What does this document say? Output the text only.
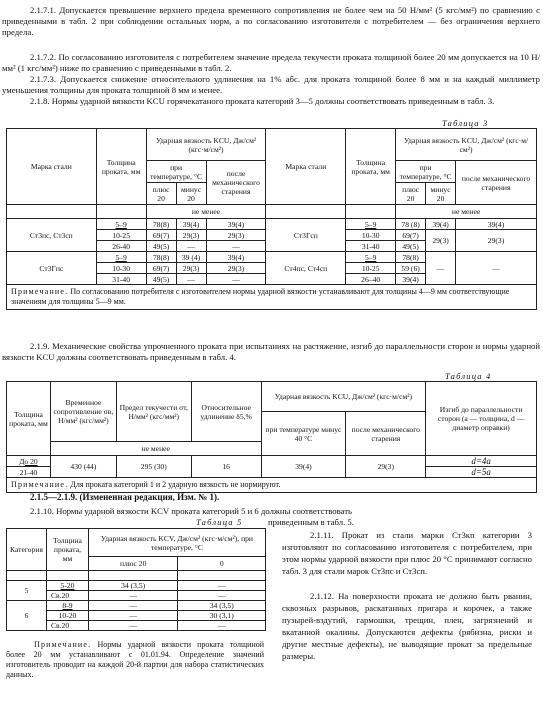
2.1.7.1. Допускается превышение верхнего предела временного сопротивления не более чем на 50 Н/мм² (5 кгс/мм²) по сравнению с приведенными в табл. 2 при соблюдении остальных норм, а по согласованию изготовителя с потребителем — без ограничения верхнего предела.

2.1.7.2. По согласованию изготовителя с потребителем значение предела текучести проката толщиной более 20 мм допускается на 10 Н/мм² (1 кгс/мм²) ниже по сравнению с приведенными в табл. 2.

2.1.7.3. Допускается снижение относительного удлинения на 1% абс. для проката толщиной более 8 мм и на каждый миллиметр уменьшения толщины для проката толщиной 8 мм и менее.

2.1.8. Нормы ударной вязкости KCU горячекатаного проката категорий 3—5 должны соответствовать приведенным в табл. 3.

Таблица 3
Марка стали	Толщина проката, мм	Ударная вязкость KCU, Дж/см² (кгс·м/см²)			Марка стали	Толщина проката, мм	Ударная вязкость KCU, Дж/см² (кгс·м/см²)		
		при температуре, °С		после механического старения			при температуре, °С		после механического старения
		плюс 20	минус 20				плюс 20	минус 20	
		не менее					не менее		
Ст3пс, Ст3сп	5–9	78(8)	39(4)	39(4)	Ст3Гсп	5–9	78 (8)	39(4)	39(4)
	10-25	69(7)	29(3)	29(3)		10-30	69(7)	29(3)	29(3)
	26-40	49(5)	—	—		31-40	49(5)		
Ст3Гпс	5–9	78(8)	39 (4)	39(4)	Ст4пс, Ст4сп	5–9	78(8)	—	—
	10-30	69(7)	29(3)	29(3)		10-25	59 (6)		
	31-40	49(5)	—	—		26–40	39(4)		
Примечание. По согласованию потребителя с изготовителем нормы ударной вязкости устанавливают для толщины 4—9 мм соответствующие значениям для толщины 5—9 мм.									

2.1.9. Механические свойства упрочненного проката при испытаниях на растяжение, изгиб до параллельности сторон и нормы ударной вязкости KCU должны соответствовать приведенным в табл. 4.

Таблица 4
Толщина проката, мм	Временное сопротивление σв, Н/мм² (кгс/мм²)	Предел текучести σт, Н/мм² (кгс/мм²)	Относительное удлинение δ5,%	Ударная вязкость KCU, Дж/см² (кгс·м/см²)		Изгиб до параллельности сторон (а — толщина, d — диаметр оправки)
				при температуре минус 40 °С	после механического старения	
	не менее					
До 20	430 (44)	295 (30)	16	39(4)	29(3)	d=4a
21-40						d=5a
Примечание. Для проката категорий 1 и 2 ударную вязкость не нормируют.						

2.1.5—2.1.9. (Измененная редакция, Изм. № 1).

2.1.10. Нормы ударной вязкости KCV проката категорий 5 и 6 должны соответствовать

Таблица 5	приведенным в табл. 5.

Категория	Толщина проката, мм	Ударная вязкость KCV, Дж/см² (кгс·м/см²), при температуре, °С	
		плюс 20	0

5	5-20	34 (3,5)	—
	Св.20	—	—
6	8-9	—	34 (3,5)
	10-20	—	30 (3,1)
	Св.20	—	—

Примечание. Нормы ударной вязкости проката толщиной более 20 мм устанавливают с 01.01.94. Определение значений изготовитель проводит на каждой 20-й партии для набора статистических данных.

2.1.11. Прокат из стали марки Ст3кп категории 3 изготовляют по согласованию изготовителя с потребителем, при этом нормы ударной вязкости при плюс 20 °С принимают согласно табл. 3 для стали марок Ст3пс и Ст3сп.

2.1.12. На поверхности проката не должно быть рванин, сквозных разрывов, раскатанных пригара и корочек, а также пузырей-вздутий, гармошки, трещин, плен, загрязнений и вкатанной окалины. Допускаются дефекты (рябизна, риски и другие местные дефекты), не выводящие прокат за предельные размеры.
